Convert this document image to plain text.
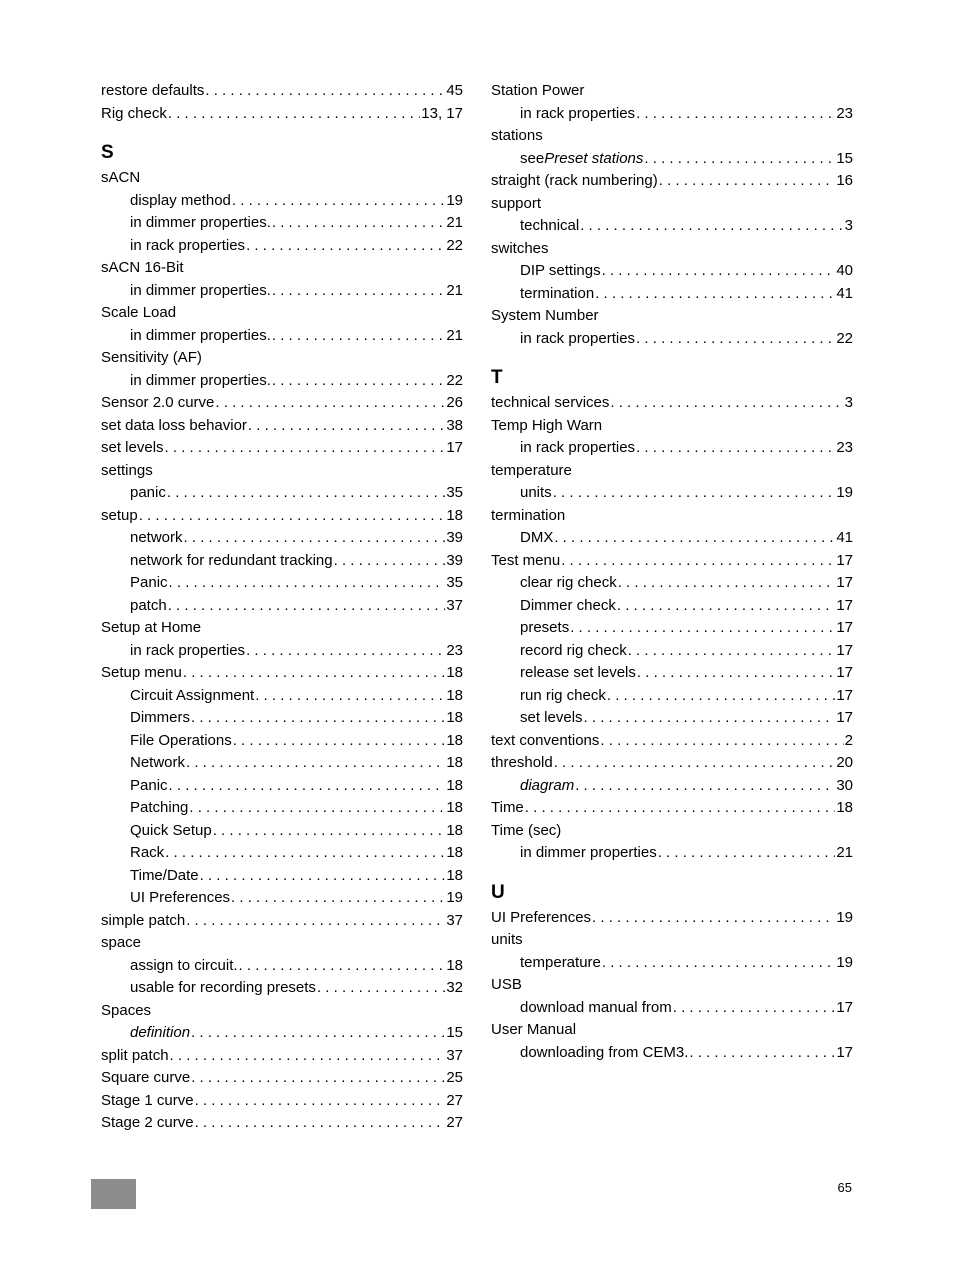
restore defaults . . .	45
Rig check . . .	13, 17
S
sACN
display method . . .	19
in dimmer properties. . . .	21
in rack properties . . .	22
sACN 16-Bit
in dimmer properties. . . .	21
Scale Load
in dimmer properties. . . .	21
Sensitivity (AF)
in dimmer properties. . . .	22
Sensor 2.0 curve . . .	26
set data loss behavior . . .	38
set levels . . .	17
settings
panic . . .	35
setup . . .	18
network . . .	39
network for redundant tracking . . .	39
Panic . . .	35
patch . . .	37
Setup at Home
in rack properties . . .	23
Setup menu . . .	18
Circuit Assignment . . .	18
Dimmers . . .	18
File Operations . . .	18
Network . . .	18
Panic . . .	18
Patching . . .	18
Quick Setup . . .	18
Rack . . .	18
Time/Date . . .	18
UI Preferences . . .	19
simple patch . . .	37
space
assign to circuit. . . .	18
usable for recording presets . . .	32
Spaces
definition . . .	15
split patch . . .	37
Square curve . . .	25
Stage 1 curve . . .	27
Stage 2 curve . . .	27
Station Power
in rack properties . . .	23
stations
see Preset stations . . .	15
straight (rack numbering) . . .	16
support
technical . . .	3
switches
DIP settings . . .	40
termination . . .	41
System Number
in rack properties . . .	22
T
technical services . . .	3
Temp High Warn
in rack properties . . .	23
temperature
units . . .	19
termination
DMX . . .	41
Test menu . . .	17
clear rig check . . .	17
Dimmer check . . .	17
presets . . .	17
record rig check . . .	17
release set levels . . .	17
run rig check . . .	17
set levels . . .	17
text conventions . . .	2
threshold . . .	20
diagram . . .	30
Time . . .	18
Time (sec)
in dimmer properties . . .	21
U
UI Preferences . . .	19
units
temperature . . .	19
USB
download manual from . . .	17
User Manual
downloading from CEM3. . . .	17
65
